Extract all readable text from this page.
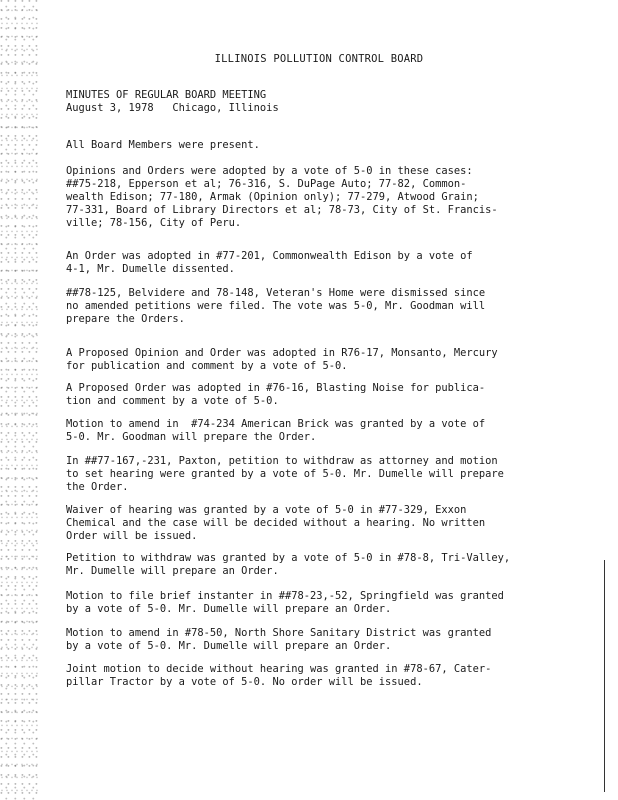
ILLINOIS POLLUTION CONTROL BOARD
MINUTES OF REGULAR BOARD MEETING
August 3, 1978   Chicago, Illinois
All Board Members were present.
Opinions and Orders were adopted by a vote of 5-0 in these cases:
##75-218, Epperson et al; 76-316, S. DuPage Auto; 77-82, Common-
wealth Edison; 77-180, Armak (Opinion only); 77-279, Atwood Grain;
77-331, Board of Library Directors et al; 78-73, City of St. Francis-
ville; 78-156, City of Peru.
An Order was adopted in #77-201, Commonwealth Edison by a vote of
4-1, Mr. Dumelle dissented.
##78-125, Belvidere and 78-148, Veteran's Home were dismissed since
no amended petitions were filed. The vote was 5-0, Mr. Goodman will
prepare the Orders.
A Proposed Opinion and Order was adopted in R76-17, Monsanto, Mercury
for publication and comment by a vote of 5-0.
A Proposed Order was adopted in #76-16, Blasting Noise for publica-
tion and comment by a vote of 5-0.
Motion to amend in  #74-234 American Brick was granted by a vote of
5-0. Mr. Goodman will prepare the Order.
In ##77-167,-231, Paxton, petition to withdraw as attorney and motion
to set hearing were granted by a vote of 5-0. Mr. Dumelle will prepare
the Order.
Waiver of hearing was granted by a vote of 5-0 in #77-329, Exxon
Chemical and the case will be decided without a hearing. No written
Order will be issued.
Petition to withdraw was granted by a vote of 5-0 in #78-8, Tri-Valley,
Mr. Dumelle will prepare an Order.
Motion to file brief instanter in ##78-23,-52, Springfield was granted
by a vote of 5-0. Mr. Dumelle will prepare an Order.
Motion to amend in #78-50, North Shore Sanitary District was granted
by a vote of 5-0. Mr. Dumelle will prepare an Order.
Joint motion to decide without hearing was granted in #78-67, Cater-
pillar Tractor by a vote of 5-0. No order will be issued.
